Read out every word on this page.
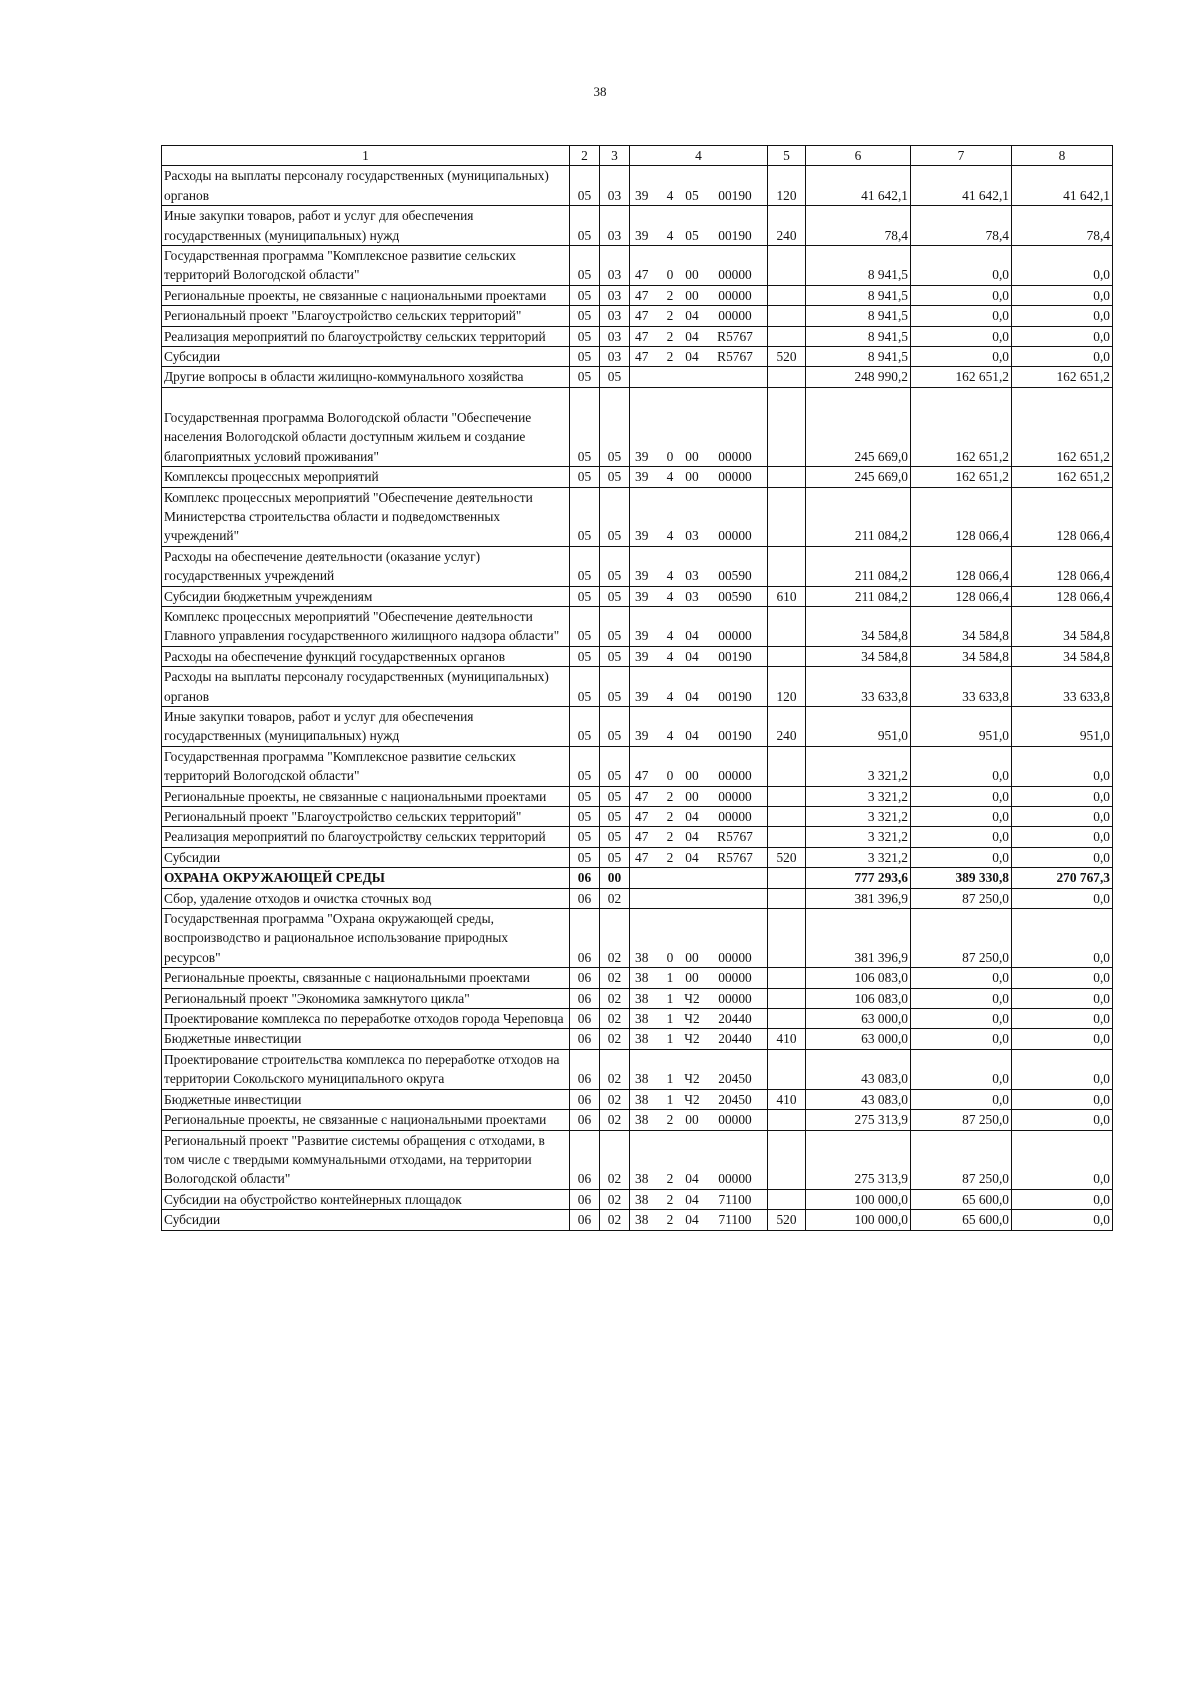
38
1	2	3	4	5	6	7	8
Расходы на выплаты персоналу государственных (муниципальных) органов	05	03	39 4 05 00190	120	41 642,1	41 642,1	41 642,1
Иные закупки товаров, работ и услуг для обеспечения государственных (муниципальных) нужд	05	03	39 4 05 00190	240	78,4	78,4	78,4
Государственная программа "Комплексное развитие сельских территорий Вологодской области"	05	03	47 0 00 00000		8 941,5	0,0	0,0
Региональные проекты, не связанные с национальными проектами	05	03	47 2 00 00000		8 941,5	0,0	0,0
Региональный проект "Благоустройство сельских территорий"	05	03	47 2 04 00000		8 941,5	0,0	0,0
Реализация мероприятий по благоустройству сельских территорий	05	03	47 2 04 R5767		8 941,5	0,0	0,0
Субсидии	05	03	47 2 04 R5767	520	8 941,5	0,0	0,0
Другие вопросы в области жилищно-коммунального хозяйства	05	05			248 990,2	162 651,2	162 651,2
Государственная программа Вологодской области "Обеспечение населения Вологодской области доступным жильем и создание благоприятных условий проживания"	05	05	39 0 00 00000		245 669,0	162 651,2	162 651,2
Комплексы процессных мероприятий	05	05	39 4 00 00000		245 669,0	162 651,2	162 651,2
Комплекс процессных мероприятий "Обеспечение деятельности Министерства строительства области и подведомственных учреждений"	05	05	39 4 03 00000		211 084,2	128 066,4	128 066,4
Расходы на обеспечение деятельности (оказание услуг) государственных учреждений	05	05	39 4 03 00590		211 084,2	128 066,4	128 066,4
Субсидии бюджетным учреждениям	05	05	39 4 03 00590	610	211 084,2	128 066,4	128 066,4
Комплекс процессных мероприятий "Обеспечение деятельности Главного управления государственного жилищного надзора области"	05	05	39 4 04 00000		34 584,8	34 584,8	34 584,8
Расходы на обеспечение функций государственных органов	05	05	39 4 04 00190		34 584,8	34 584,8	34 584,8
Расходы на выплаты персоналу государственных (муниципальных) органов	05	05	39 4 04 00190	120	33 633,8	33 633,8	33 633,8
Иные закупки товаров, работ и услуг для обеспечения государственных (муниципальных) нужд	05	05	39 4 04 00190	240	951,0	951,0	951,0
Государственная программа "Комплексное развитие сельских территорий Вологодской области"	05	05	47 0 00 00000		3 321,2	0,0	0,0
Региональные проекты, не связанные с национальными проектами	05	05	47 2 00 00000		3 321,2	0,0	0,0
Региональный проект "Благоустройство сельских территорий"	05	05	47 2 04 00000		3 321,2	0,0	0,0
Реализация мероприятий по благоустройству сельских территорий	05	05	47 2 04 R5767		3 321,2	0,0	0,0
Субсидии	05	05	47 2 04 R5767	520	3 321,2	0,0	0,0
ОХРАНА ОКРУЖАЮЩЕЙ СРЕДЫ	06	00			777 293,6	389 330,8	270 767,3
Сбор, удаление отходов и очистка сточных вод	06	02			381 396,9	87 250,0	0,0
Государственная программа "Охрана окружающей среды, воспроизводство и рациональное использование природных ресурсов"	06	02	38 0 00 00000		381 396,9	87 250,0	0,0
Региональные проекты, связанные с национальными проектами	06	02	38 1 00 00000		106 083,0	0,0	0,0
Региональный проект "Экономика замкнутого цикла"	06	02	38 1 Ч2 00000		106 083,0	0,0	0,0
Проектирование комплекса по переработке отходов города Череповца	06	02	38 1 Ч2 20440		63 000,0	0,0	0,0
Бюджетные инвестиции	06	02	38 1 Ч2 20440	410	63 000,0	0,0	0,0
Проектирование строительства комплекса по переработке отходов на территории Сокольского муниципального округа	06	02	38 1 Ч2 20450		43 083,0	0,0	0,0
Бюджетные инвестиции	06	02	38 1 Ч2 20450	410	43 083,0	0,0	0,0
Региональные проекты, не связанные с национальными проектами	06	02	38 2 00 00000		275 313,9	87 250,0	0,0
Региональный проект "Развитие системы обращения с отходами, в том числе с твердыми коммунальными отходами, на территории Вологодской области"	06	02	38 2 04 00000		275 313,9	87 250,0	0,0
Субсидии на обустройство контейнерных площадок	06	02	38 2 04 71100		100 000,0	65 600,0	0,0
Субсидии	06	02	38 2 04 71100	520	100 000,0	65 600,0	0,0
